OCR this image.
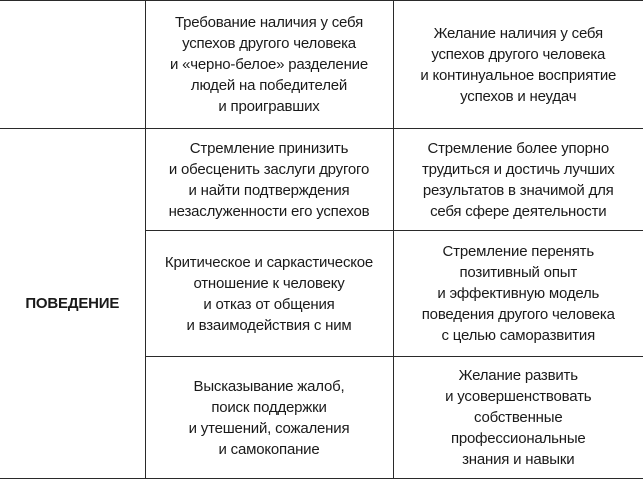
	Требование наличия у себя
успехов другого человека
и «черно-белое» разделение
людей на победителей
и проигравших	Желание наличия у себя
успехов другого человека
и континуальное восприятие
успехов и неудач

ПОВЕДЕНИЕ	Стремление принизить
и обесценить заслуги другого
и найти подтверждения
незаслуженности его успехов	Стремление более упорно
трудиться и достичь лучших
результатов в значимой для
себя сфере деятельности

	Критическое и саркастическое
отношение к человеку
и отказ от общения
и взаимодействия с ним	Стремление перенять
позитивный опыт
и эффективную модель
поведения другого человека
с целью саморазвития

	Высказывание жалоб,
поиск поддержки
и утешений, сожаления
и самокопание	Желание развить
и усовершенствовать
собственные
профессиональные
знания и навыки
